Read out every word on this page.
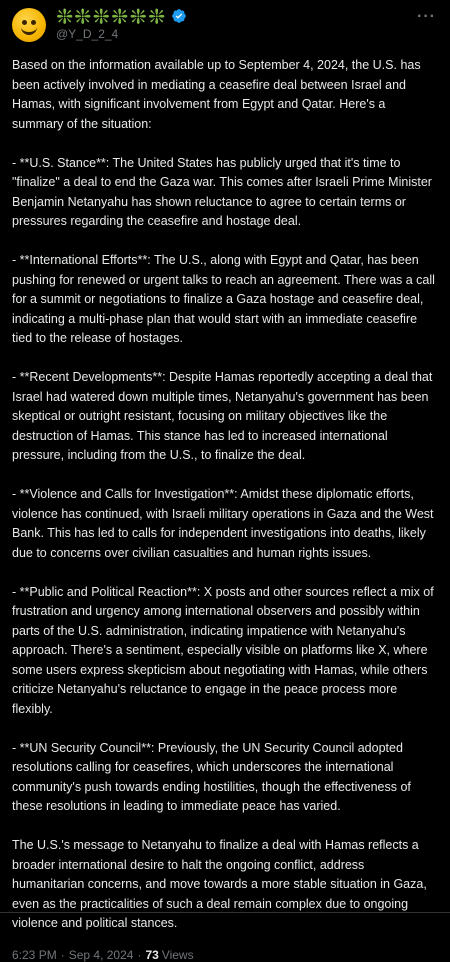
❇️❇️❇️❇️❇️❇️
@Y_D_2_4
···

Based on the information available up to September 4, 2024, the U.S. has been actively involved in mediating a ceasefire deal between Israel and Hamas, with significant involvement from Egypt and Qatar. Here's a summary of the situation:

- **U.S. Stance**: The United States has publicly urged that it's time to "finalize" a deal to end the Gaza war. This comes after Israeli Prime Minister Benjamin Netanyahu has shown reluctance to agree to certain terms or pressures regarding the ceasefire and hostage deal.

- **International Efforts**: The U.S., along with Egypt and Qatar, has been pushing for renewed or urgent talks to reach an agreement. There was a call for a summit or negotiations to finalize a Gaza hostage and ceasefire deal, indicating a multi-phase plan that would start with an immediate ceasefire tied to the release of hostages.

- **Recent Developments**: Despite Hamas reportedly accepting a deal that Israel had watered down multiple times, Netanyahu's government has been skeptical or outright resistant, focusing on military objectives like the destruction of Hamas. This stance has led to increased international pressure, including from the U.S., to finalize the deal.

- **Violence and Calls for Investigation**: Amidst these diplomatic efforts, violence has continued, with Israeli military operations in Gaza and the West Bank. This has led to calls for independent investigations into deaths, likely due to concerns over civilian casualties and human rights issues.

- **Public and Political Reaction**: X posts and other sources reflect a mix of frustration and urgency among international observers and possibly within parts of the U.S. administration, indicating impatience with Netanyahu's approach. There's a sentiment, especially visible on platforms like X, where some users express skepticism about negotiating with Hamas, while others criticize Netanyahu's reluctance to engage in the peace process more flexibly.

- **UN Security Council**: Previously, the UN Security Council adopted resolutions calling for ceasefires, which underscores the international community's push towards ending hostilities, though the effectiveness of these resolutions in leading to immediate peace has varied.

The U.S.'s message to Netanyahu to finalize a deal with Hamas reflects a broader international desire to halt the ongoing conflict, address humanitarian concerns, and move towards a more stable situation in Gaza, even as the practicalities of such a deal remain complex due to ongoing violence and political stances.

6:23 PM · Sep 4, 2024 · 73 Views
